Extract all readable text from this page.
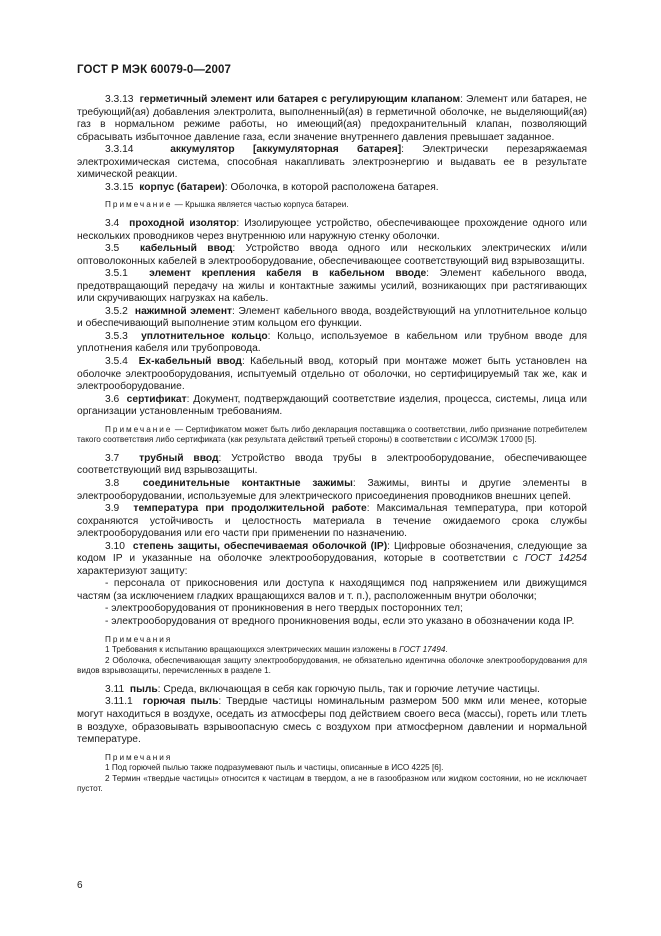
ГОСТ Р МЭК 60079-0—2007

3.3.13 герметичный элемент или батарея с регулирующим клапаном: Элемент или батарея, не требующий(ая) добавления электролита, выполненный(ая) в герметичной оболочке, не выделяющий(ая) газ в нормальном режиме работы, но имеющий(ая) предохранительный клапан, позволяющий сбрасывать избыточное давление газа, если значение внутреннего давления превышает заданное.

3.3.14	аккумулятор [аккумуляторная батарея]: Электрически перезаряжаемая электрохимическая система, способная накапливать электроэнергию и выдавать ее в результате химической реакции.

3.3.15 корпус (батареи): Оболочка, в которой расположена батарея.

Примечание — Крышка является частью корпуса батареи.

3.4 проходной изолятор: Изолирующее устройство, обеспечивающее прохождение одного или нескольких проводников через внутреннюю или наружную стенку оболочки.

3.5 кабельный ввод: Устройство ввода одного или нескольких электрических и/или оптоволоконных кабелей в электрооборудование, обеспечивающее соответствующий вид взрывозащиты.

3.5.1 элемент крепления кабеля в кабельном вводе: Элемент кабельного ввода, предотвращающий передачу на жилы и контактные зажимы усилий, возникающих при растягивающих или скручивающих нагрузках на кабель.

3.5.2 нажимной элемент: Элемент кабельного ввода, воздействующий на уплотнительное кольцо и обеспечивающий выполнение этим кольцом его функции.

3.5.3 уплотнительное кольцо: Кольцо, используемое в кабельном или трубном вводе для уплотнения кабеля или трубопровода.

3.5.4 Ex-кабельный ввод: Кабельный ввод, который при монтаже может быть установлен на оболочке электрооборудования, испытуемый отдельно от оболочки, но сертифицируемый так же, как и электрооборудование.

3.6 сертификат: Документ, подтверждающий соответствие изделия, процесса, системы, лица или организации установленным требованиям.

Примечание — Сертификатом может быть либо декларация поставщика о соответствии, либо признание потребителем такого соответствия либо сертификата (как результата действий третьей стороны) в соответствии с ИСО/МЭК 17000 [5].

3.7 трубный ввод: Устройство ввода трубы в электрооборудование, обеспечивающее соответствующий вид взрывозащиты.

3.8 соединительные контактные зажимы: Зажимы, винты и другие элементы в электрооборудовании, используемые для электрического присоединения проводников внешних цепей.

3.9 температура при продолжительной работе: Максимальная температура, при которой сохраняются устойчивость и целостность материала в течение ожидаемого срока службы электрооборудования или его части при применении по назначению.

3.10 степень защиты, обеспечиваемая оболочкой (IP): Цифровые обозначения, следующие за кодом IP и указанные на оболочке электрооборудования, которые в соответствии с ГОСТ 14254 характеризуют защиту:

- персонала от прикосновения или доступа к находящимся под напряжением или движущимся частям (за исключением гладких вращающихся валов и т. п.), расположенным внутри оболочки;

- электрооборудования от проникновения в него твердых посторонних тел;

- электрооборудования от вредного проникновения воды, если это указано в обозначении кода IP.

Примечания

1 Требования к испытанию вращающихся электрических машин изложены в ГОСТ 17494.

2 Оболочка, обеспечивающая защиту электрооборудования, не обязательно идентична оболочке электрооборудования для видов взрывозащиты, перечисленных в разделе 1.

3.11 пыль: Среда, включающая в себя как горючую пыль, так и горючие летучие частицы.

3.11.1 горючая пыль: Твердые частицы номинальным размером 500 мкм или менее, которые могут находиться в воздухе, оседать из атмосферы под действием своего веса (массы), гореть или тлеть в воздухе, образовывать взрывоопасную смесь с воздухом при атмосферном давлении и нормальной температуре.

Примечания

1 Под горючей пылью также подразумевают пыль и частицы, описанные в ИСО 4225 [6].

2 Термин «твердые частицы» относится к частицам в твердом, а не в газообразном или жидком состоянии, но не исключает пустот.

6
